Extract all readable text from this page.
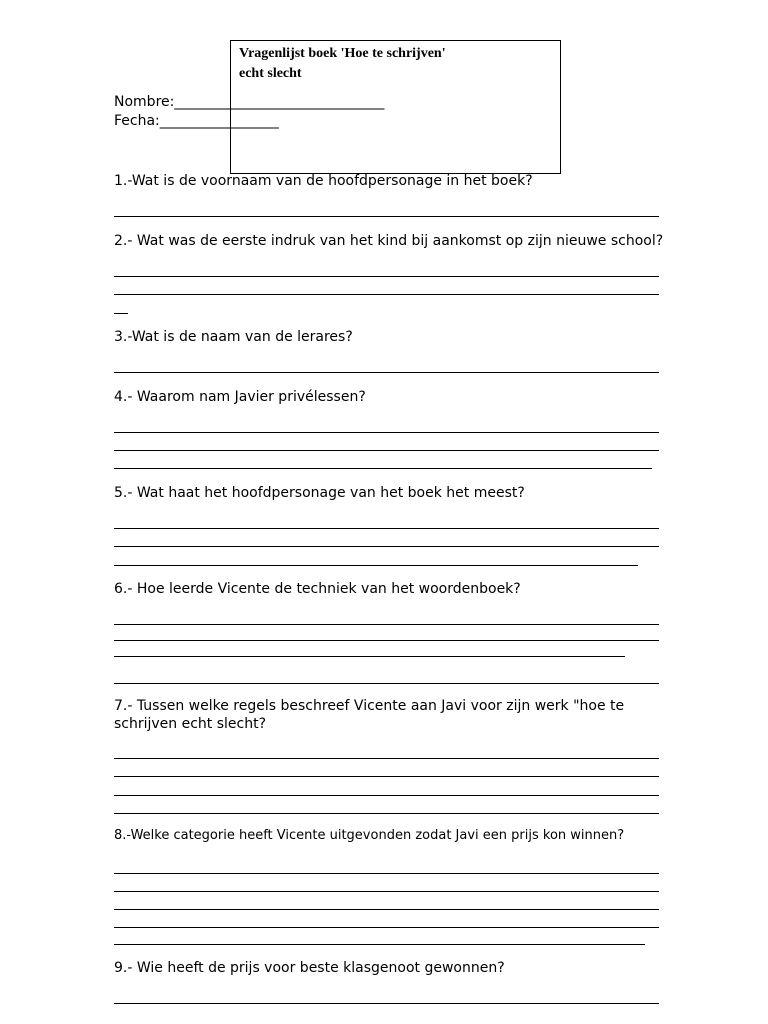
Vragenlijst boek 'Hoe te schrijven'
echt slecht
Nombre:______________________________
Fecha:_________________
1.-Wat is de voornaam van de hoofdpersonage in het boek?
2.- Wat was de eerste indruk van het kind bij aankomst op zijn nieuwe school?
3.-Wat is de naam van de lerares?
4.- Waarom nam Javier privélessen?
5.- Wat haat het hoofdpersonage van het boek het meest?
6.- Hoe leerde Vicente de techniek van het woordenboek?
7.- Tussen welke regels beschreef Vicente aan Javi voor zijn werk "hoe te schrijven echt slecht?
8.-Welke categorie heeft Vicente uitgevonden zodat Javi een prijs kon winnen?
9.- Wie heeft de prijs voor beste klasgenoot gewonnen?
